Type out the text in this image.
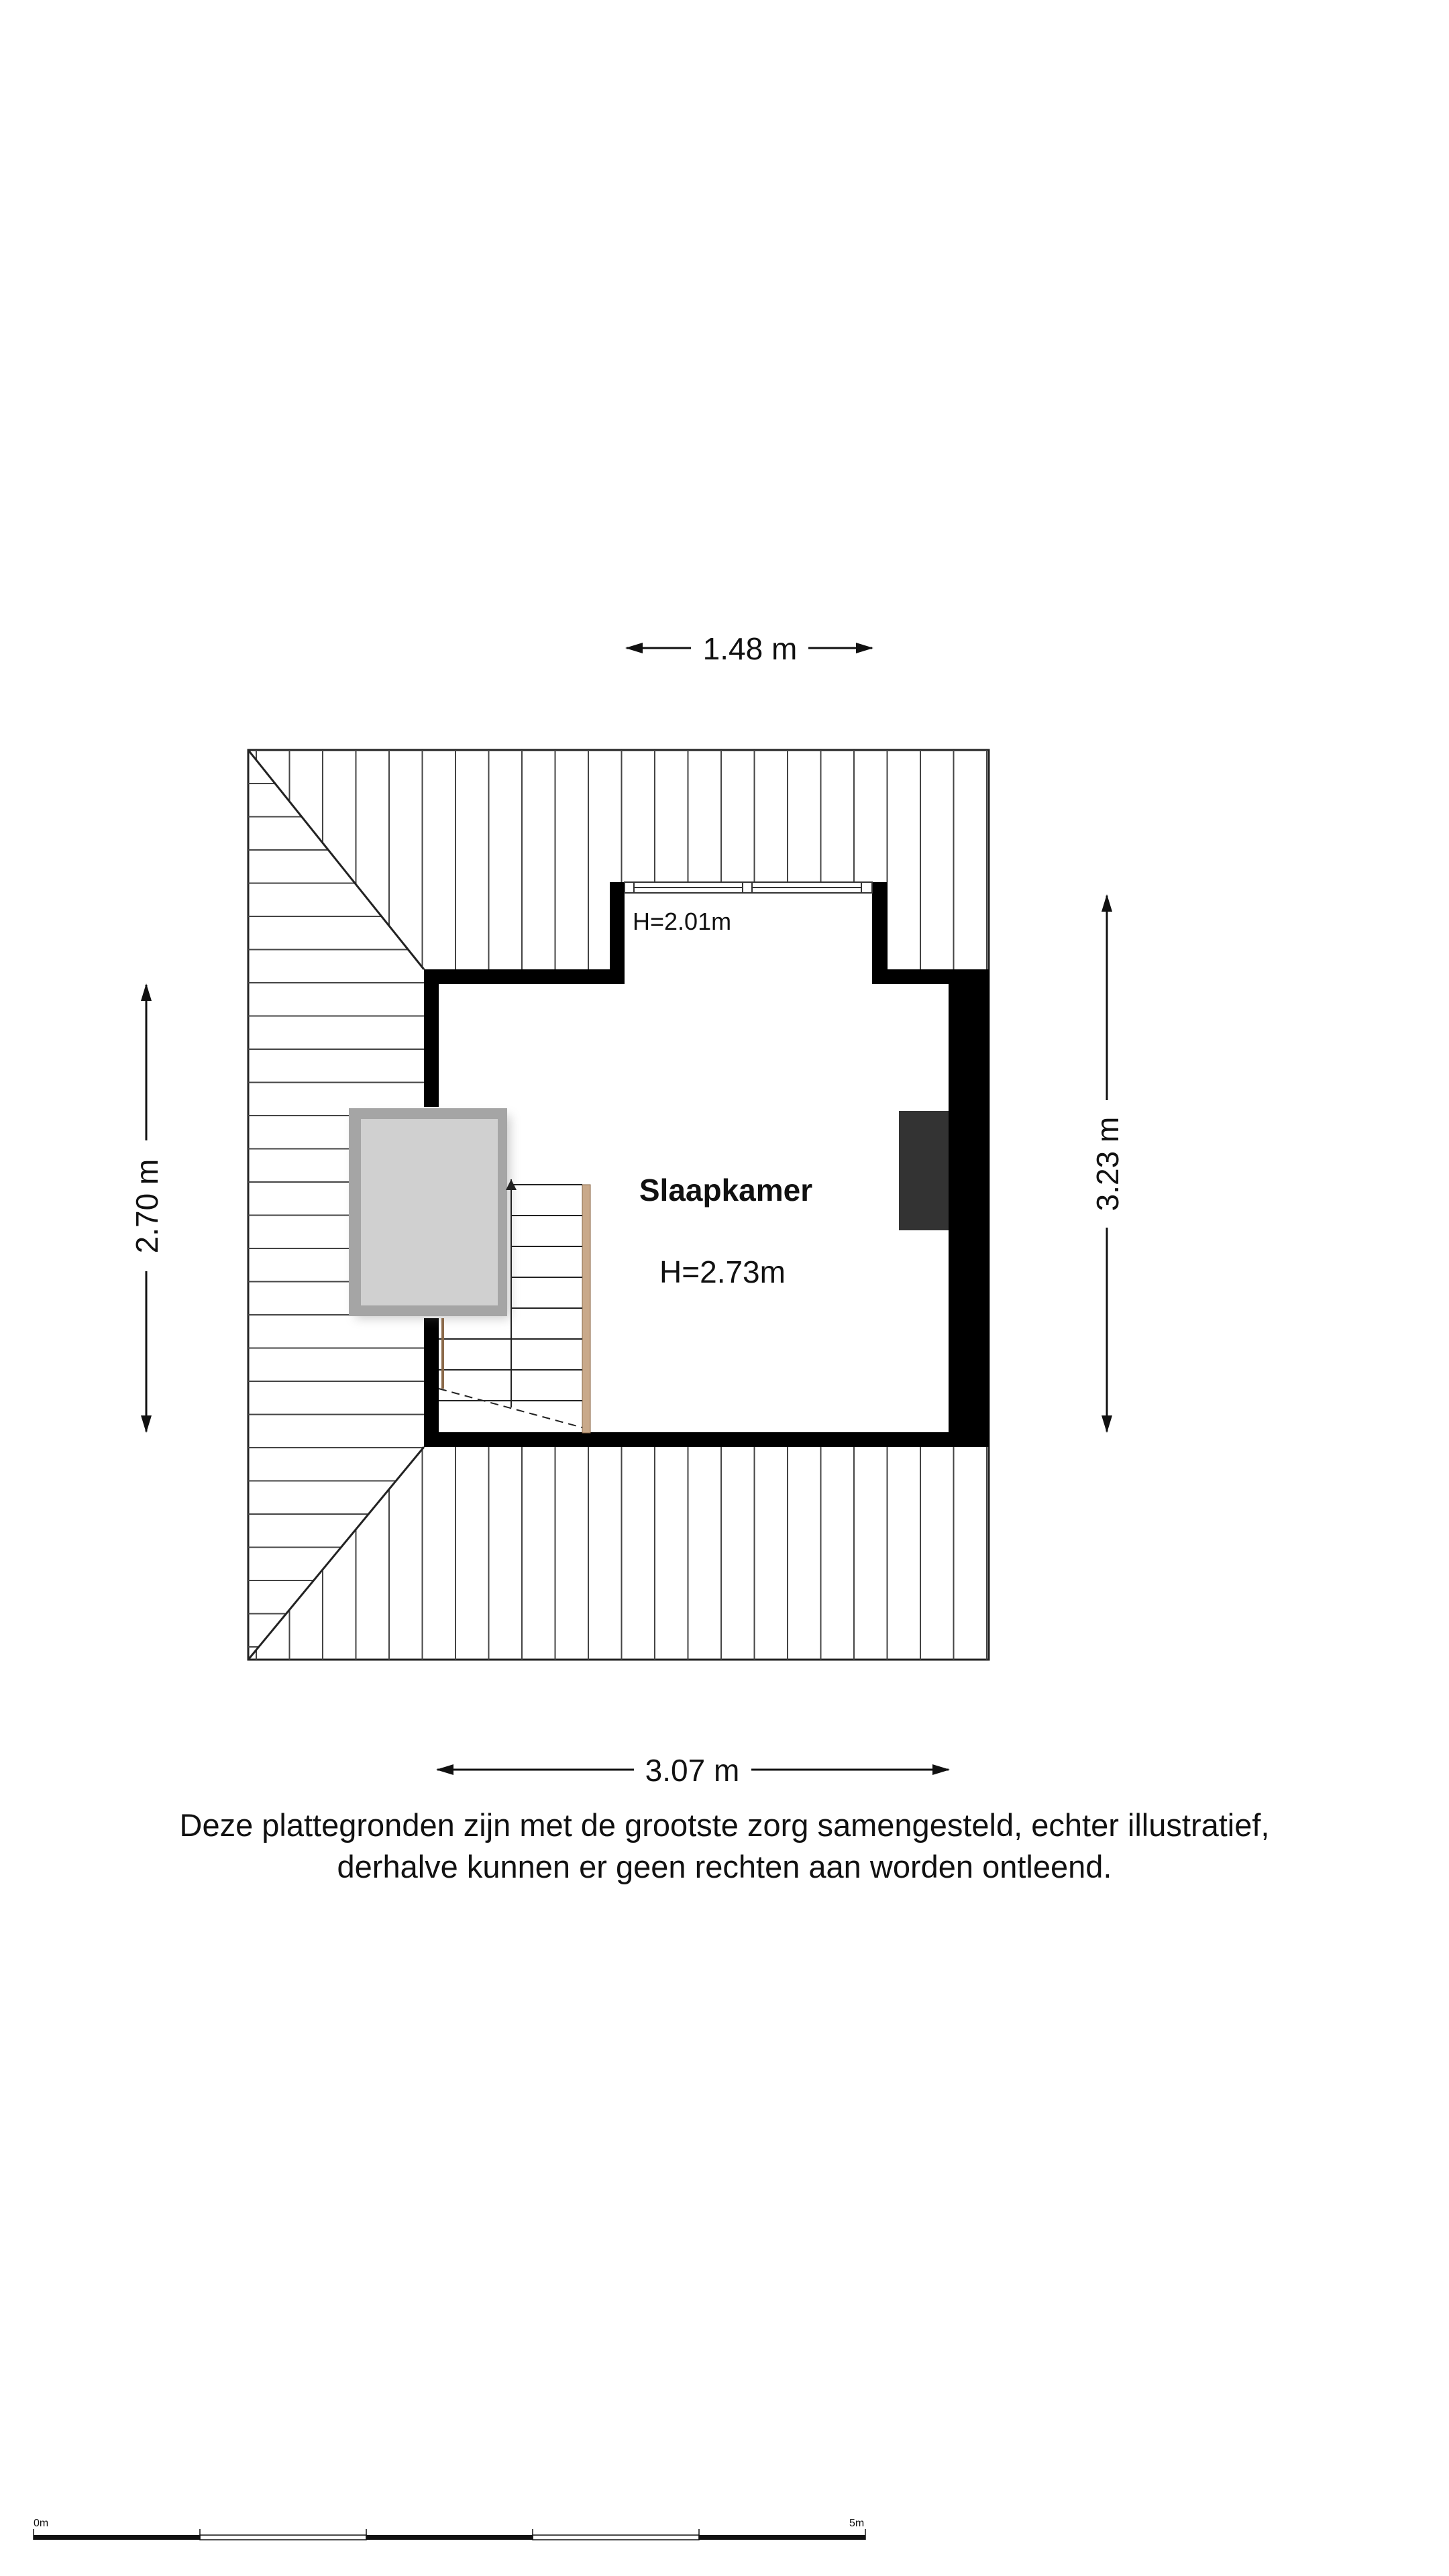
Slaapkamer
H=2.73m
H=2.01m
1.48 m
3.07 m
2.70 m	3.23 m
0m	5m
Deze plattegronden zijn met de grootste zorg samengesteld, echter illustratief,
derhalve kunnen er geen rechten aan worden ontleend.
